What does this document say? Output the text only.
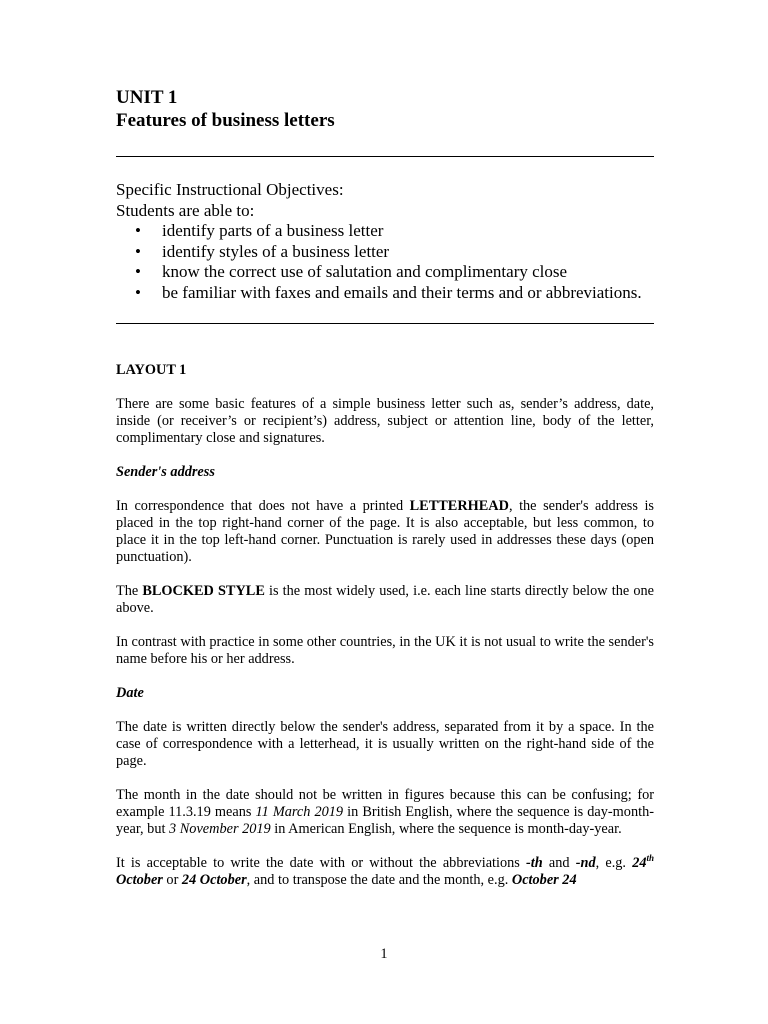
UNIT 1

Features of business letters

Specific Instructional Objectives:
Students are able to:
• identify parts of a business letter
• identify styles of a business letter
• know the correct use of salutation and complimentary close
• be familiar with faxes and emails and their terms and or abbreviations.

LAYOUT 1

There are some basic features of a simple business letter such as, sender’s address, date, inside (or receiver’s or recipient’s) address, subject or attention line, body of the letter, complimentary close and signatures.

Sender's address

In correspondence that does not have a printed LETTERHEAD, the sender's address is placed in the top right-hand corner of the page. It is also acceptable, but less common, to place it in the top left-hand corner. Punctuation is rarely used in addresses these days (open punctuation).

The BLOCKED STYLE is the most widely used, i.e. each line starts directly below the one above.

In contrast with practice in some other countries, in the UK it is not usual to write the sender's name before his or her address.

Date

The date is written directly below the sender's address, separated from it by a space. In the case of correspondence with a letterhead, it is usually written on the right-hand side of the page.

The month in the date should not be written in figures because this can be confusing; for example 11.3.19 means 11 March 2019 in British English, where the sequence is day-month-year, but 3 November 2019 in American English, where the sequence is month-day-year.

It is acceptable to write the date with or without the abbreviations -th and -nd, e.g. 24th October or 24 October, and to transpose the date and the month, e.g. October 24

1
